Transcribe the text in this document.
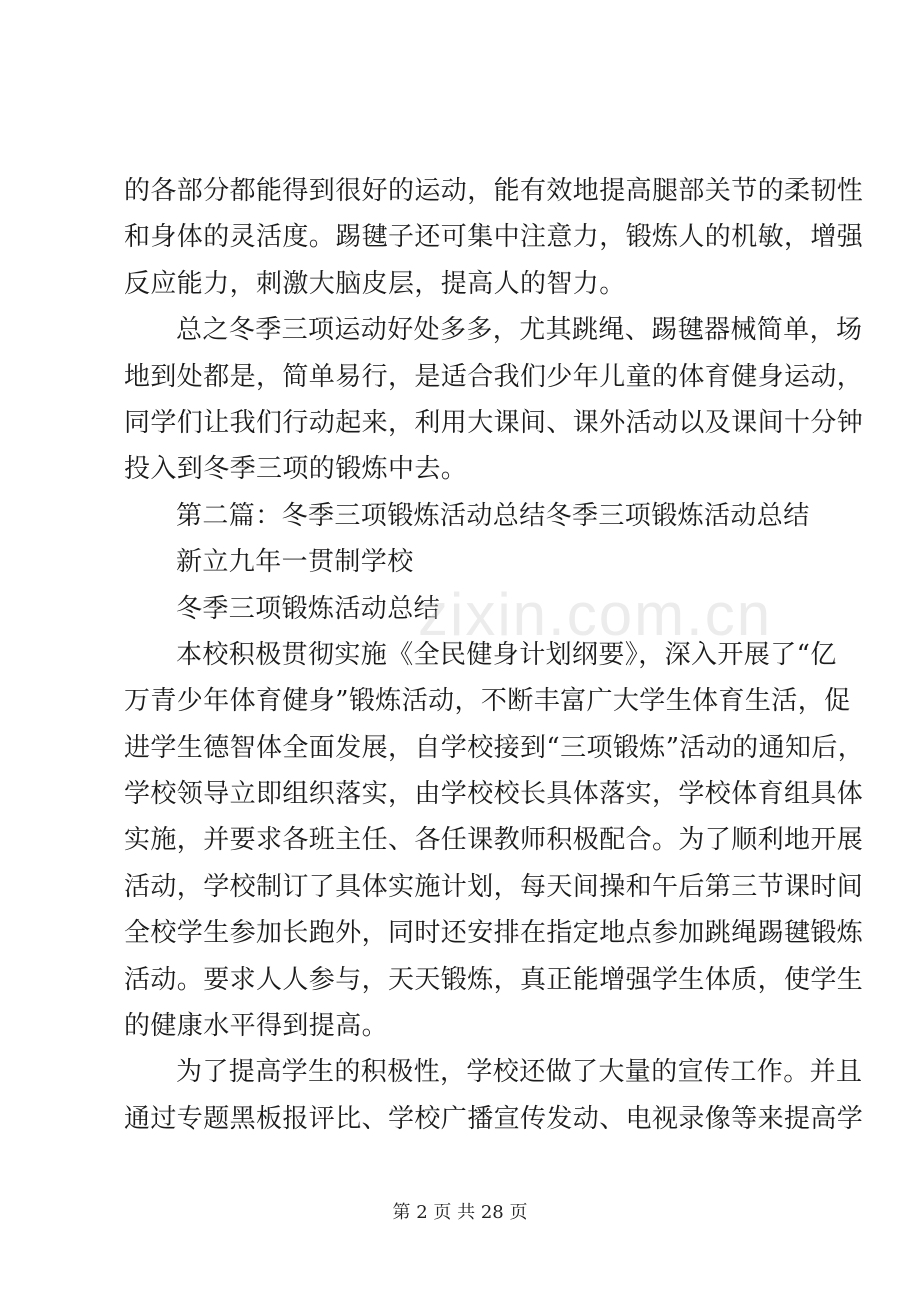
的各部分都能得到很好的运动，能有效地提高腿部关节的柔韧性
和身体的灵活度。踢毽子还可集中注意力，锻炼人的机敏，增强
反应能力，刺激大脑皮层，提高人的智力。
总之冬季三项运动好处多多，尤其跳绳、踢毽器械简单，场
地到处都是，简单易行，是适合我们少年儿童的体育健身运动，
同学们让我们行动起来，利用大课间、课外活动以及课间十分钟
投入到冬季三项的锻炼中去。
第二篇：冬季三项锻炼活动总结冬季三项锻炼活动总结
新立九年一贯制学校
冬季三项锻炼活动总结
本校积极贯彻实施《全民健身计划纲要》，深入开展了“亿
万青少年体育健身”锻炼活动，不断丰富广大学生体育生活，促
进学生德智体全面发展，自学校接到“三项锻炼”活动的通知后，
学校领导立即组织落实，由学校校长具体落实，学校体育组具体
实施，并要求各班主任、各任课教师积极配合。为了顺利地开展
活动，学校制订了具体实施计划，每天间操和午后第三节课时间
全校学生参加长跑外，同时还安排在指定地点参加跳绳踢毽锻炼
活动。要求人人参与，天天锻炼，真正能增强学生体质，使学生
的健康水平得到提高。
为了提高学生的积极性，学校还做了大量的宣传工作。并且
通过专题黑板报评比、学校广播宣传发动、电视录像等来提高学
zixin.com.cn
第 2 页 共 28 页
